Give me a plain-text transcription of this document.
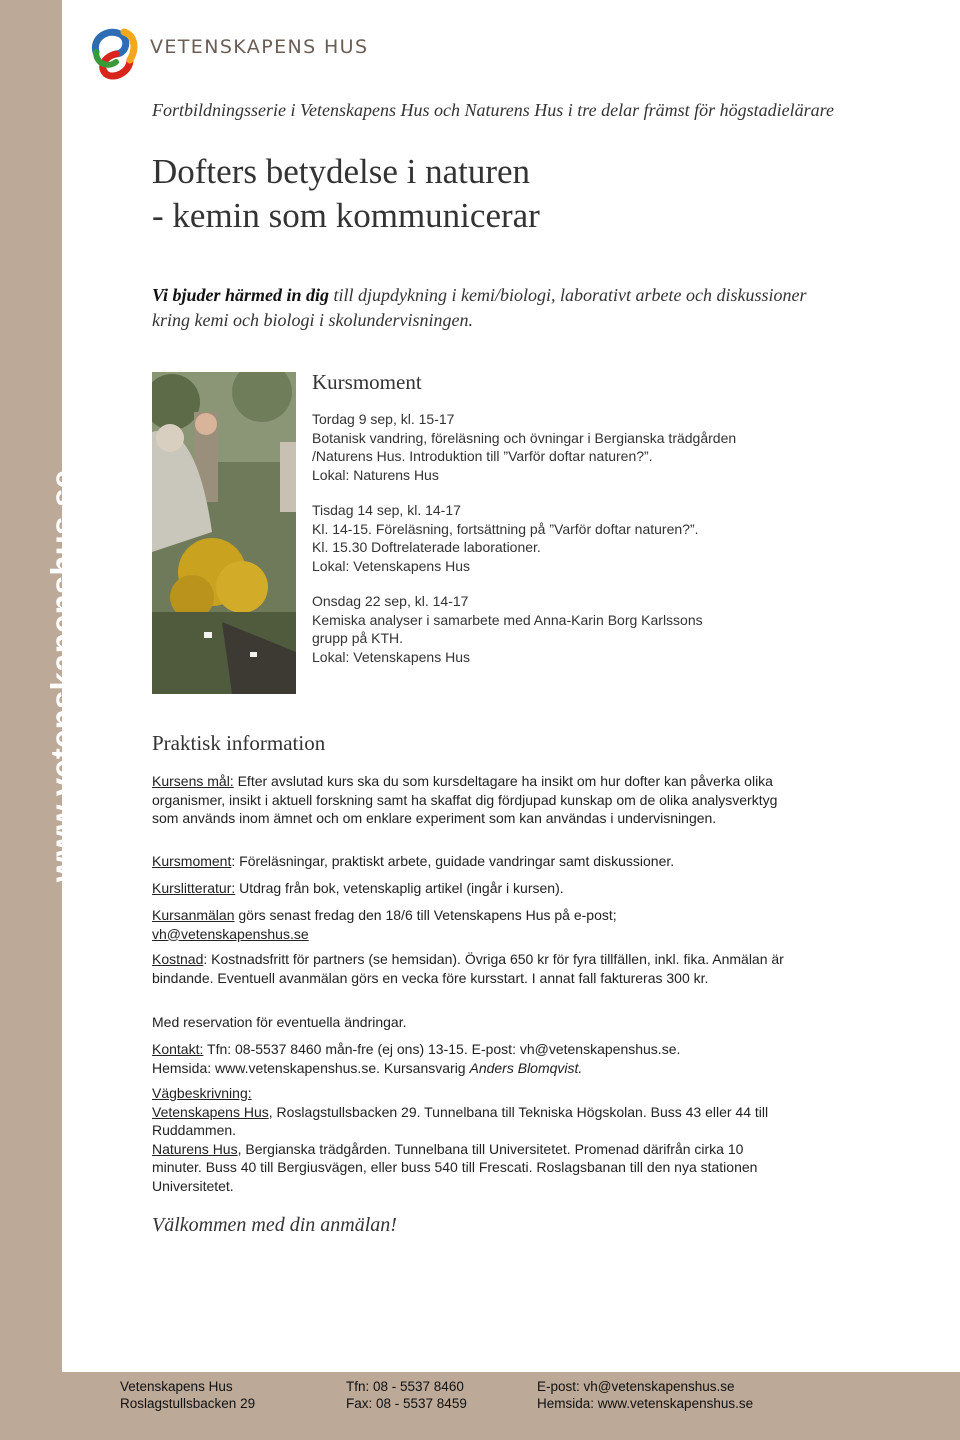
www.vetenskapenshus.se
VETENSKAPENS HUS
Fortbildningsserie i Vetenskapens Hus och Naturens Hus i tre delar främst för högstadielärare
Dofters betydelse i naturen
- kemin som kommunicerar
Vi bjuder härmed in dig till djupdykning i kemi/biologi, laborativt arbete och diskussioner kring kemi och biologi i skolundervisningen.
Kursmoment
Tordag 9 sep, kl. 15-17
Botanisk vandring, föreläsning och övningar i Bergianska trädgården
/Naturens Hus. Introduktion till ”Varför doftar naturen?”.
Lokal: Naturens Hus
Tisdag 14 sep, kl. 14-17
Kl. 14-15. Föreläsning, fortsättning på ”Varför doftar naturen?”.
Kl. 15.30 Doftrelaterade laborationer.
Lokal: Vetenskapens Hus
Onsdag 22 sep, kl. 14-17
Kemiska analyser i samarbete med Anna-Karin Borg Karlssons
grupp på KTH.
Lokal: Vetenskapens Hus
Praktisk information
Kursens mål: Efter avslutad kurs ska du som kursdeltagare ha insikt om hur dofter kan påverka olika organismer, insikt i aktuell forskning samt ha skaffat dig fördjupad kunskap om de olika analysverktyg som används inom ämnet och om enklare experiment som kan användas i undervisningen.
Kursmoment: Föreläsningar, praktiskt arbete, guidade vandringar samt diskussioner.
Kurslitteratur: Utdrag från bok, vetenskaplig artikel (ingår i kursen).
Kursanmälan görs senast fredag den 18/6 till Vetenskapens Hus på e-post;
vh@vetenskapenshus.se
Kostnad: Kostnadsfritt för partners (se hemsidan). Övriga 650 kr för fyra tillfällen, inkl. fika. Anmälan är bindande. Eventuell avanmälan görs en vecka före kursstart. I annat fall faktureras 300 kr.
Med reservation för eventuella ändringar.
Kontakt: Tfn: 08-5537 8460 mån-fre (ej ons) 13-15. E-post: vh@vetenskapenshus.se.
Hemsida: www.vetenskapenshus.se. Kursansvarig Anders Blomqvist.
Vägbeskrivning:
Vetenskapens Hus, Roslagstullsbacken 29. Tunnelbana till Tekniska Högskolan. Buss 43 eller 44 till Ruddammen.
Naturens Hus, Bergianska trädgården. Tunnelbana till Universitetet. Promenad därifrån cirka 10 minuter. Buss 40 till Bergiusvägen, eller buss 540 till Frescati. Roslagsbanan till den nya stationen Universitetet.
Välkommen med din anmälan!
Vetenskapens Hus
Roslagstullsbacken 29
Tfn: 08 - 5537 8460
Fax: 08 - 5537 8459
E-post: vh@vetenskapenshus.se
Hemsida: www.vetenskapenshus.se
